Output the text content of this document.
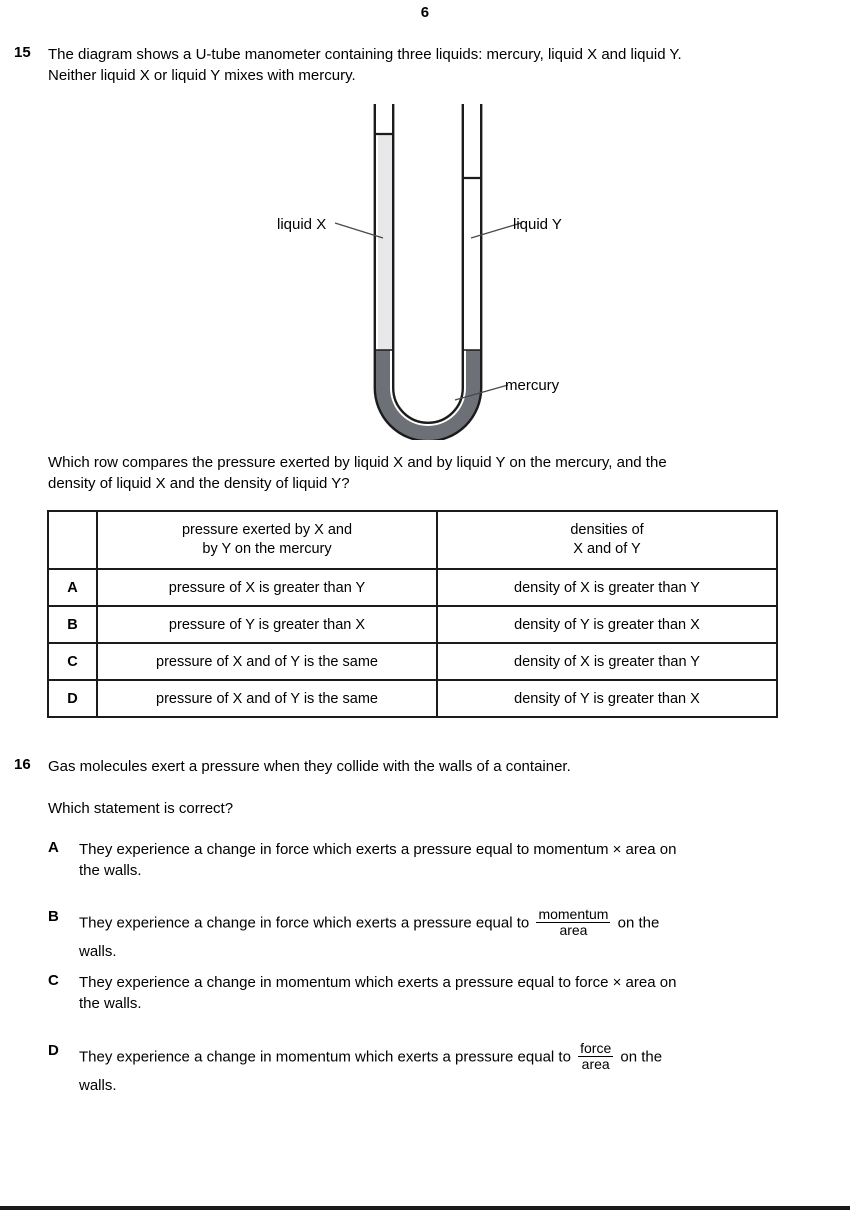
6
15	The diagram shows a U-tube manometer containing three liquids: mercury, liquid X and liquid Y.
Neither liquid X or liquid Y mixes with mercury.
liquid X	liquid Y
mercury
Which row compares the pressure exerted by liquid X and by liquid Y on the mercury, and the
density of liquid X and the density of liquid Y?

	pressure exerted by X and
by Y on the mercury	densities of
X and of Y

A	pressure of X is greater than Y	density of X is greater than Y
B	pressure of Y is greater than X	density of Y is greater than X
C	pressure of X and of Y is the same	density of X is greater than Y
D	pressure of X and of Y is the same	density of Y is greater than X
16	Gas molecules exert a pressure when they collide with the walls of a container.
Which statement is correct?
A They experience a change in force which exerts a pressure equal to momentum × area on
the walls.
B They experience a change in force which exerts a pressure equal to $\frac{\text{momentum}}{\text{area}}$ on the
walls.
C They experience a change in momentum which exerts a pressure equal to force × area on
the walls.
D They experience a change in momentum which exerts a pressure equal to $\frac{\text{force}}{\text{area}}$ on the
walls.
